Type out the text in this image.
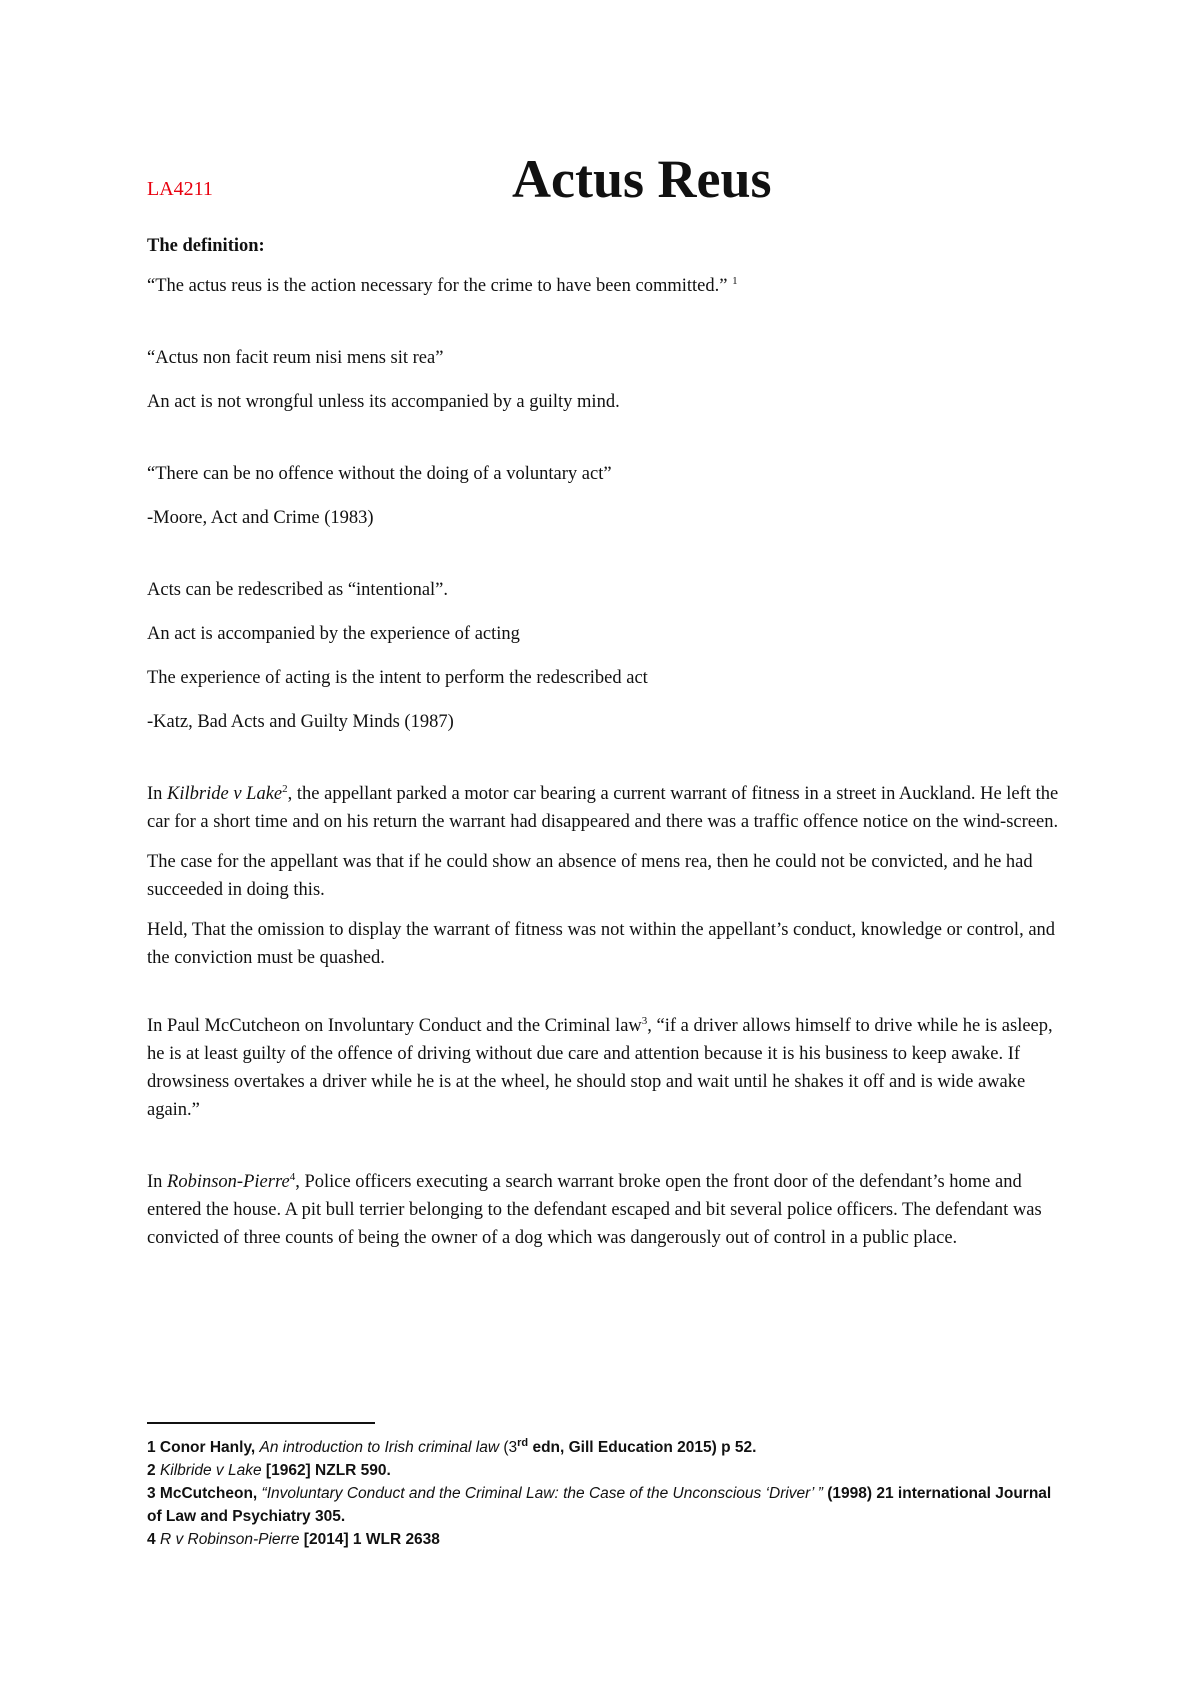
LA4211	Actus Reus

The definition:

“The actus reus is the action necessary for the crime to have been committed.” $^1$

“Actus non facit reum nisi mens sit rea”

An act is not wrongful unless its accompanied by a guilty mind.

“There can be no offence without the doing of a voluntary act”

-Moore, Act and Crime (1983)

Acts can be redescribed as “intentional”.

An act is accompanied by the experience of acting

The experience of acting is the intent to perform the redescribed act

-Katz, Bad Acts and Guilty Minds (1987)

In Kilbride v Lake$^2$, the appellant parked a motor car bearing a current warrant of fitness in a street in Auckland. He left the car for a short time and on his return the warrant had disappeared and there was a traffic offence notice on the wind-screen.

The case for the appellant was that if he could show an absence of mens rea, then he could not be convicted, and he had succeeded in doing this.

Held, That the omission to display the warrant of fitness was not within the appellant’s conduct, knowledge or control, and the conviction must be quashed.

In Paul McCutcheon on Involuntary Conduct and the Criminal law$^3$, “if a driver allows himself to drive while he is asleep, he is at least guilty of the offence of driving without due care and attention because it is his business to keep awake. If drowsiness overtakes a driver while he is at the wheel, he should stop and wait until he shakes it off and is wide awake again.”

In Robinson-Pierre$^4$, Police officers executing a search warrant broke open the front door of the defendant’s home and entered the house. A pit bull terrier belonging to the defendant escaped and bit several police officers. The defendant was convicted of three counts of being the owner of a dog which was dangerously out of control in a public place.

1 Conor Hanly, An introduction to Irish criminal law (3rd edn, Gill Education 2015) p 52.

2 Kilbride v Lake [1962] NZLR 590.

3 McCutcheon, “Involuntary Conduct and the Criminal Law: the Case of the Unconscious ‘Driver’ ” (1998) 21 international Journal of Law and Psychiatry 305.

4 R v Robinson-Pierre [2014] 1 WLR 2638
